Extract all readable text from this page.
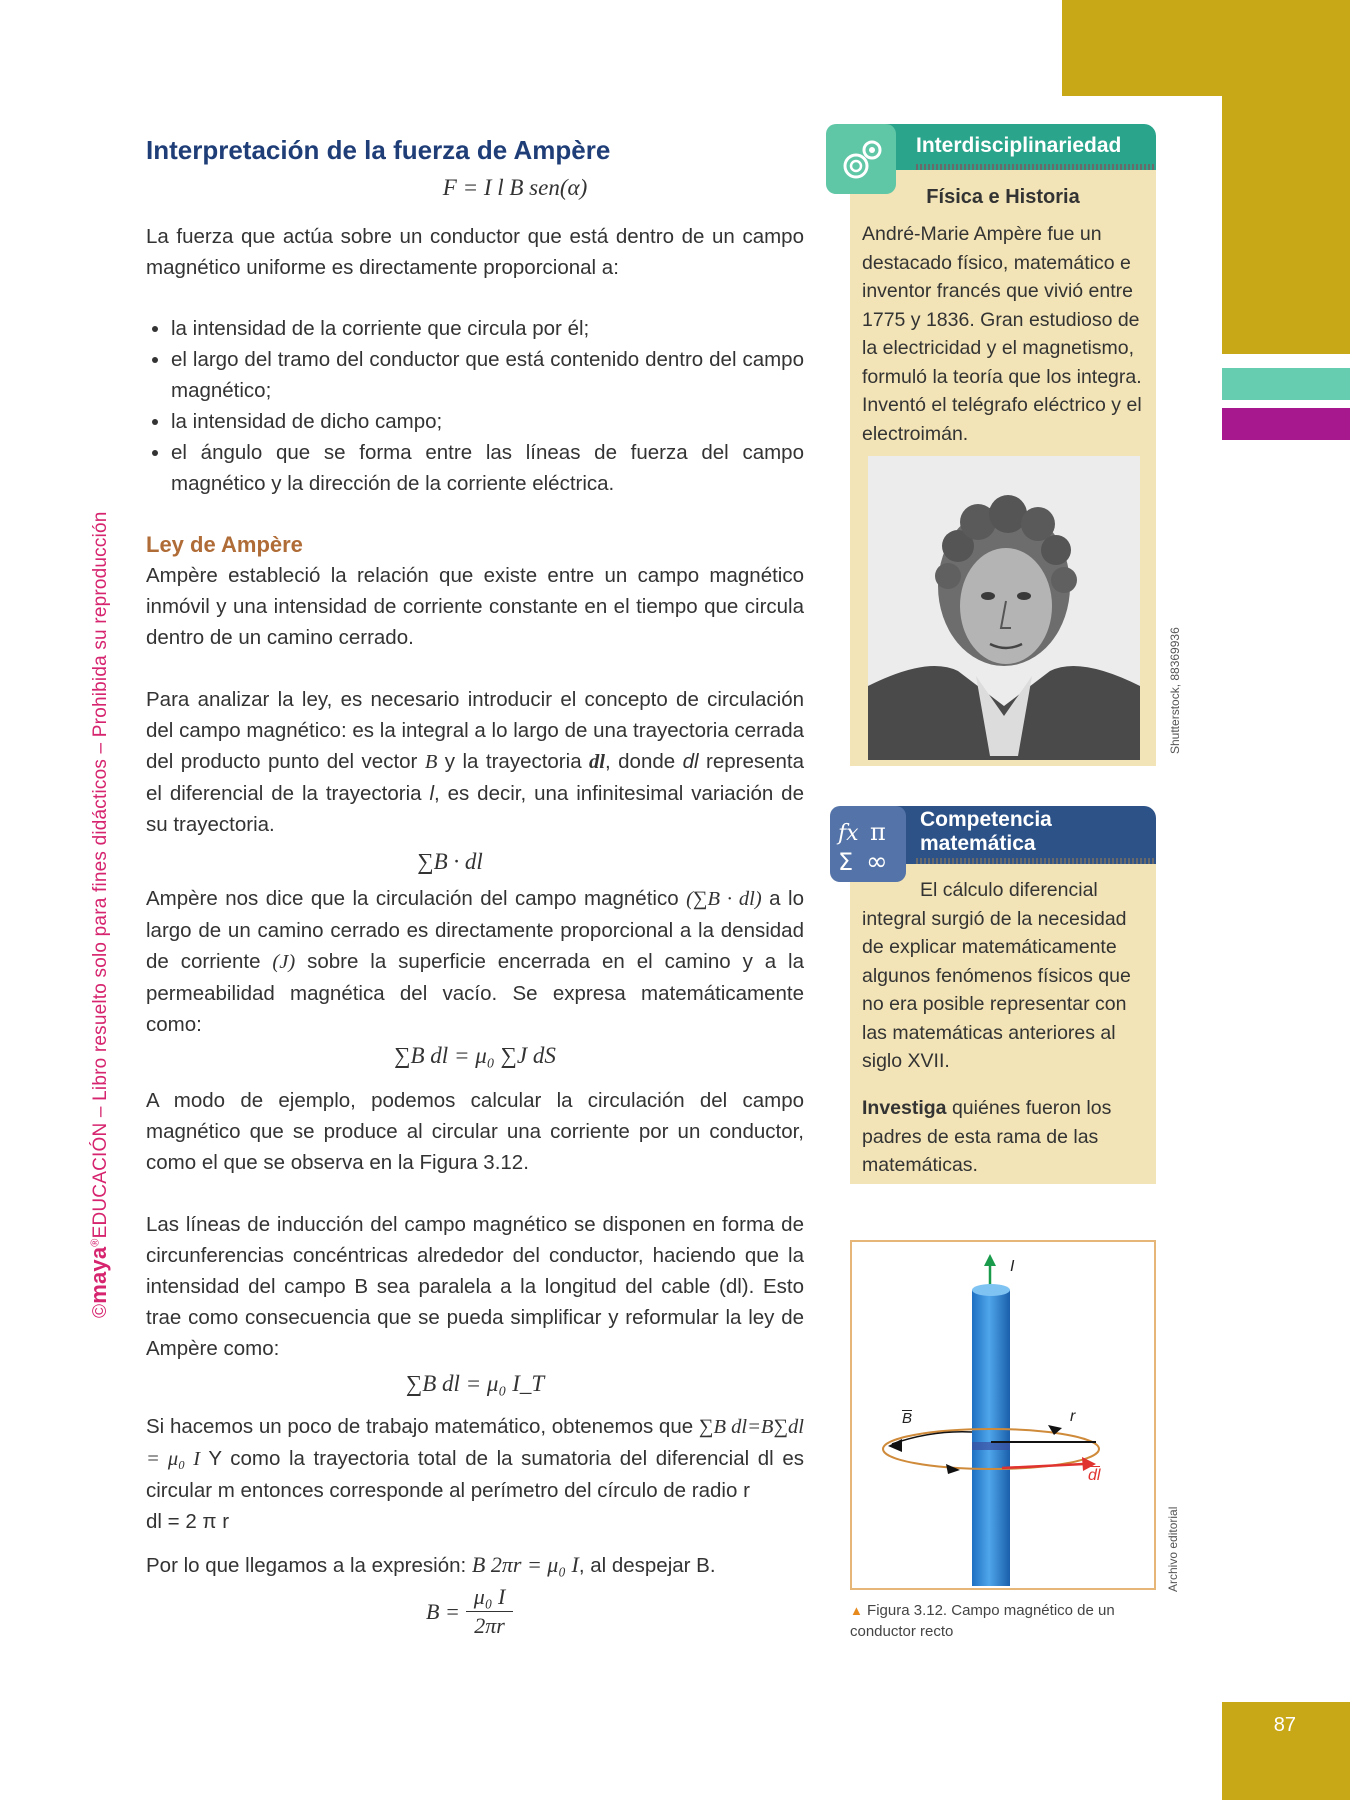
87
©maya®EDUCACIÓN – Libro resuelto solo para fines didácticos – Prohibida su reproducción
Interpretación de la fuerza de Ampère
F = I l B sen(α)

La fuerza que actúa sobre un conductor que está dentro de un campo magnético uniforme es directamente proporcional a:

• la intensidad de la corriente que circula por él;
• el largo del tramo del conductor que está contenido dentro del campo magnético;
• la intensidad de dicho campo;
• el ángulo que se forma entre las líneas de fuerza del campo magnético y la dirección de la corriente eléctrica.
Ley de Ampère

Ampère estableció la relación que existe entre un campo magnético inmóvil y una intensidad de corriente constante en el tiempo que circula dentro de un camino cerrado.

Para analizar la ley, es necesario introducir el concepto de circulación del campo magnético: es la integral a lo largo de una trayectoria cerrada del producto punto del vector B y la trayectoria dl, donde dl representa el diferencial de la trayectoria l, es decir, una infinitesimal variación de su trayectoria.

∑B · dl

Ampère nos dice que la circulación del campo magnético (∑B · dl) a lo largo de un camino cerrado es directamente proporcional a la densidad de corriente (J) sobre la superficie encerrada en el camino y a la permeabilidad magnética del vacío. Se expresa matemáticamente como:

∑B dl = μ₀ ∑J dS

A modo de ejemplo, podemos calcular la circulación del campo magnético que se produce al circular una corriente por un conductor, como el que se observa en la Figura 3.12.

Las líneas de inducción del campo magnético se disponen en forma de circunferencias concéntricas alrededor del conductor, haciendo que la intensidad del campo B sea paralela a la longitud del cable (dl). Esto trae como consecuencia que se pueda simplificar y reformular la ley de Ampère como:

∑B dl = μ₀ I_T

Si hacemos un poco de trabajo matemático, obtenemos que ∑B dl=B∑dl = μ₀ I Y como la trayectoria total de la sumatoria del diferencial dl es circular m entonces corresponde al perímetro del círculo de radio r

dl = 2 π r

Por lo que llegamos a la expresión: B 2πr = μ₀ I, al despejar B.

$B = \frac{\text{μ₀ I}}{2\pi r}$
Interdisciplinariedad
Física e Historia
André-Marie Ampère fue un destacado físico, matemático e inventor francés que vivió entre 1775 y 1836. Gran estudioso de la electricidad y el magnetismo, formuló la teoría que los integra. Inventó el telégrafo eléctrico y el electroimán.
Shutterstock, 88369936
Competencia
matemática
fx π
Σ ∞
El cálculo diferencial integral surgió de la necesidad de explicar matemáticamente algunos fenómenos físicos que no era posible representar con las matemáticas anteriores al siglo XVII.
Investiga quiénes fueron los padres de esta rama de las matemáticas.
I
B	r
dl
Archivo editorial
▲ Figura 3.12. Campo magnético de un conductor recto
